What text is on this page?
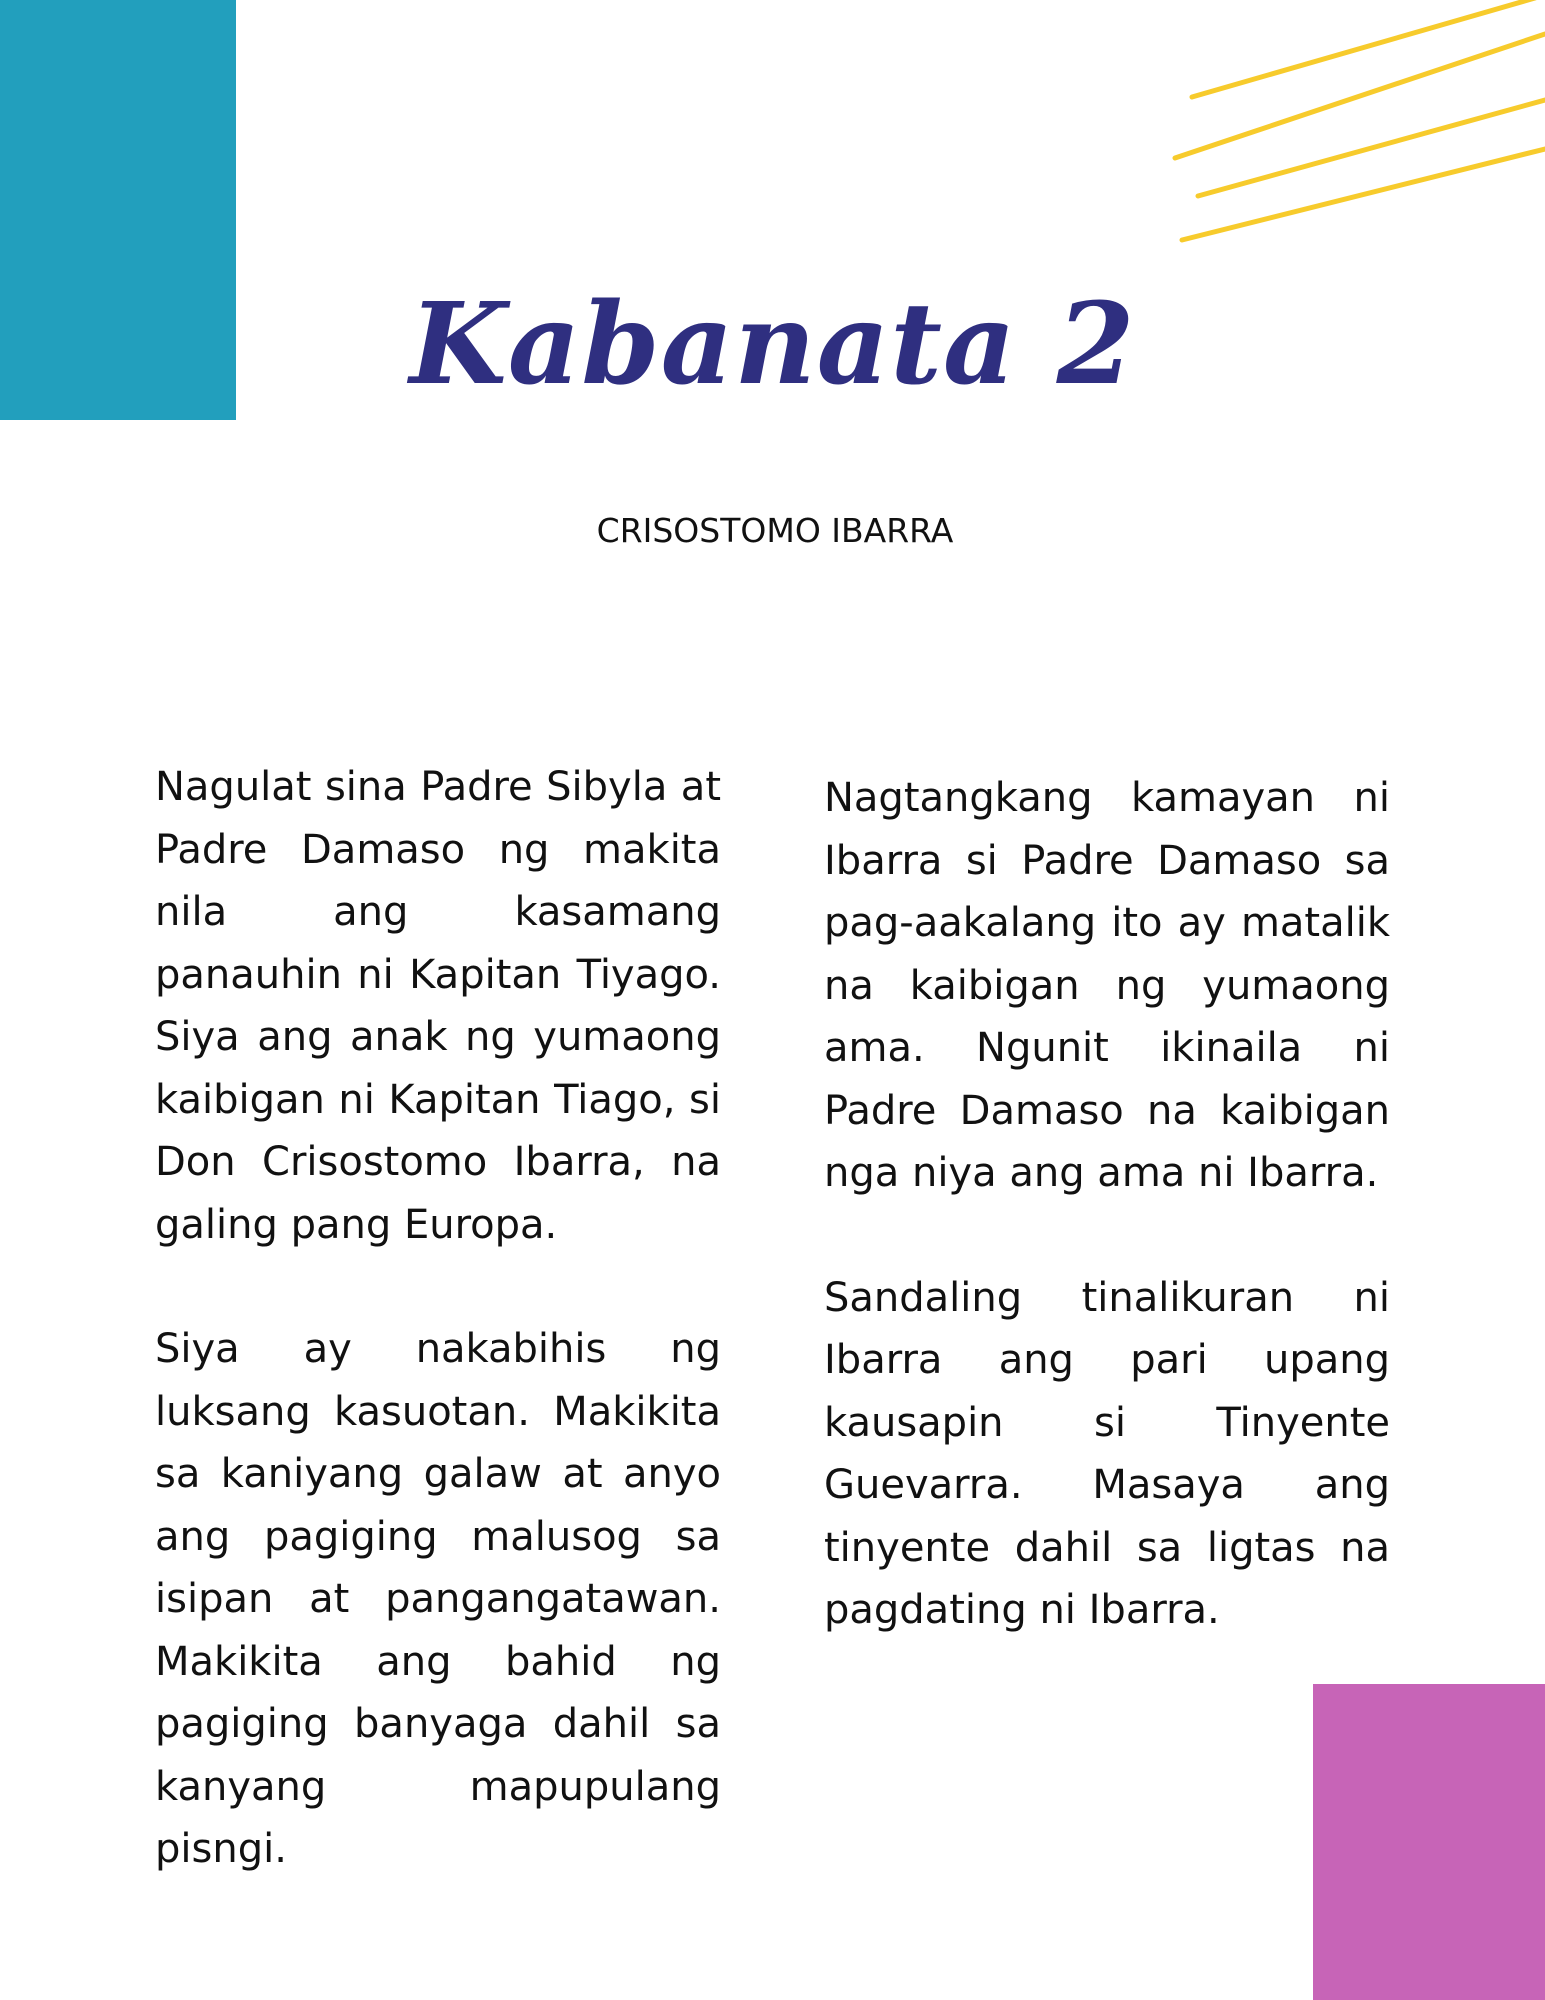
Kabanata 2
CRISOSTOMO IBARRA

Nagulat sina Padre Sibyla at Padre Damaso ng makita nila ang kasamang panauhin ni Kapitan Tiyago. Siya ang anak ng yumaong kaibigan ni Kapitan Tiago, si Don Crisostomo Ibarra, na galing pang Europa.

Siya ay nakabihis ng luksang kasuotan. Makikita sa kaniyang galaw at anyo ang pagiging malusog sa isipan at pangangatawan. Makikita ang bahid ng pagiging banyaga dahil sa kanyang mapupulang pisngi.

Nagtangkang kamayan ni Ibarra si Padre Damaso sa pag-aakalang ito ay matalik na kaibigan ng yumaong ama. Ngunit ikinaila ni Padre Damaso na kaibigan nga niya ang ama ni Ibarra.

Sandaling tinalikuran ni Ibarra ang pari upang kausapin si Tinyente Guevarra. Masaya ang tinyente dahil sa ligtas na pagdating ni Ibarra.
